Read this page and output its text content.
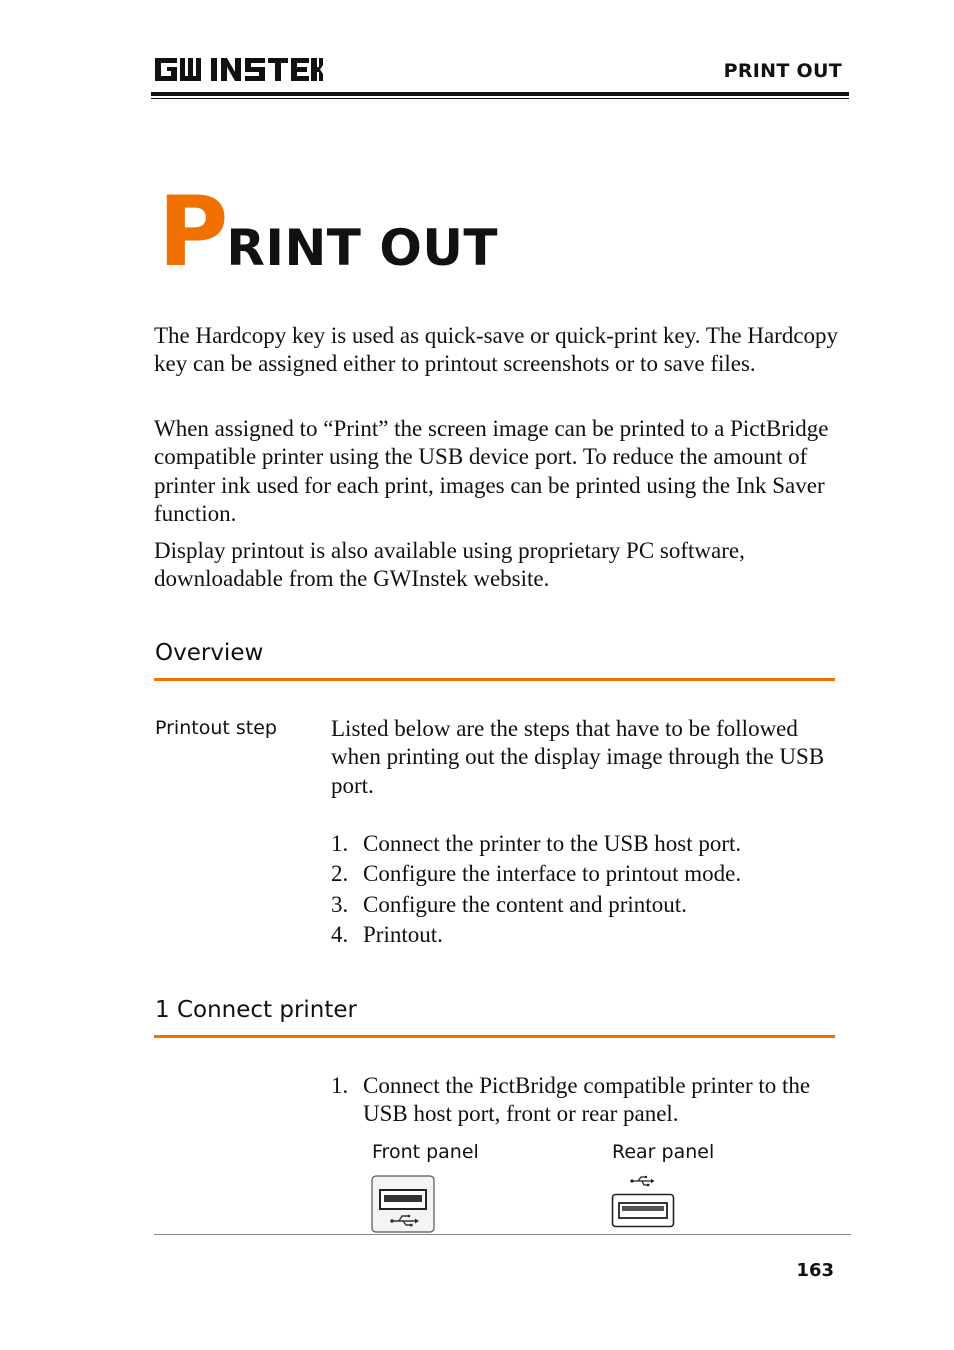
PRINT OUT
PRINT OUT

The Hardcopy key is used as quick-save or quick-print key. The Hardcopy key can be assigned either to printout screenshots or to save files.

When assigned to “Print” the screen image can be printed to a PictBridge compatible printer using the USB device port. To reduce the amount of printer ink used for each print, images can be printed using the Ink Saver function.

Display printout is also available using proprietary PC software, downloadable from the GWInstek website.

Overview
Printout step Listed below are the steps that have to be followed when printing out the display image through the USB port.

1. Connect the printer to the USB host port.
2. Configure the interface to printout mode.
3. Configure the content and printout.
4. Printout.
1 Connect printer
1. Connect the PictBridge compatible printer to the USB host port, front or rear panel.
Front panel	Rear panel
163
